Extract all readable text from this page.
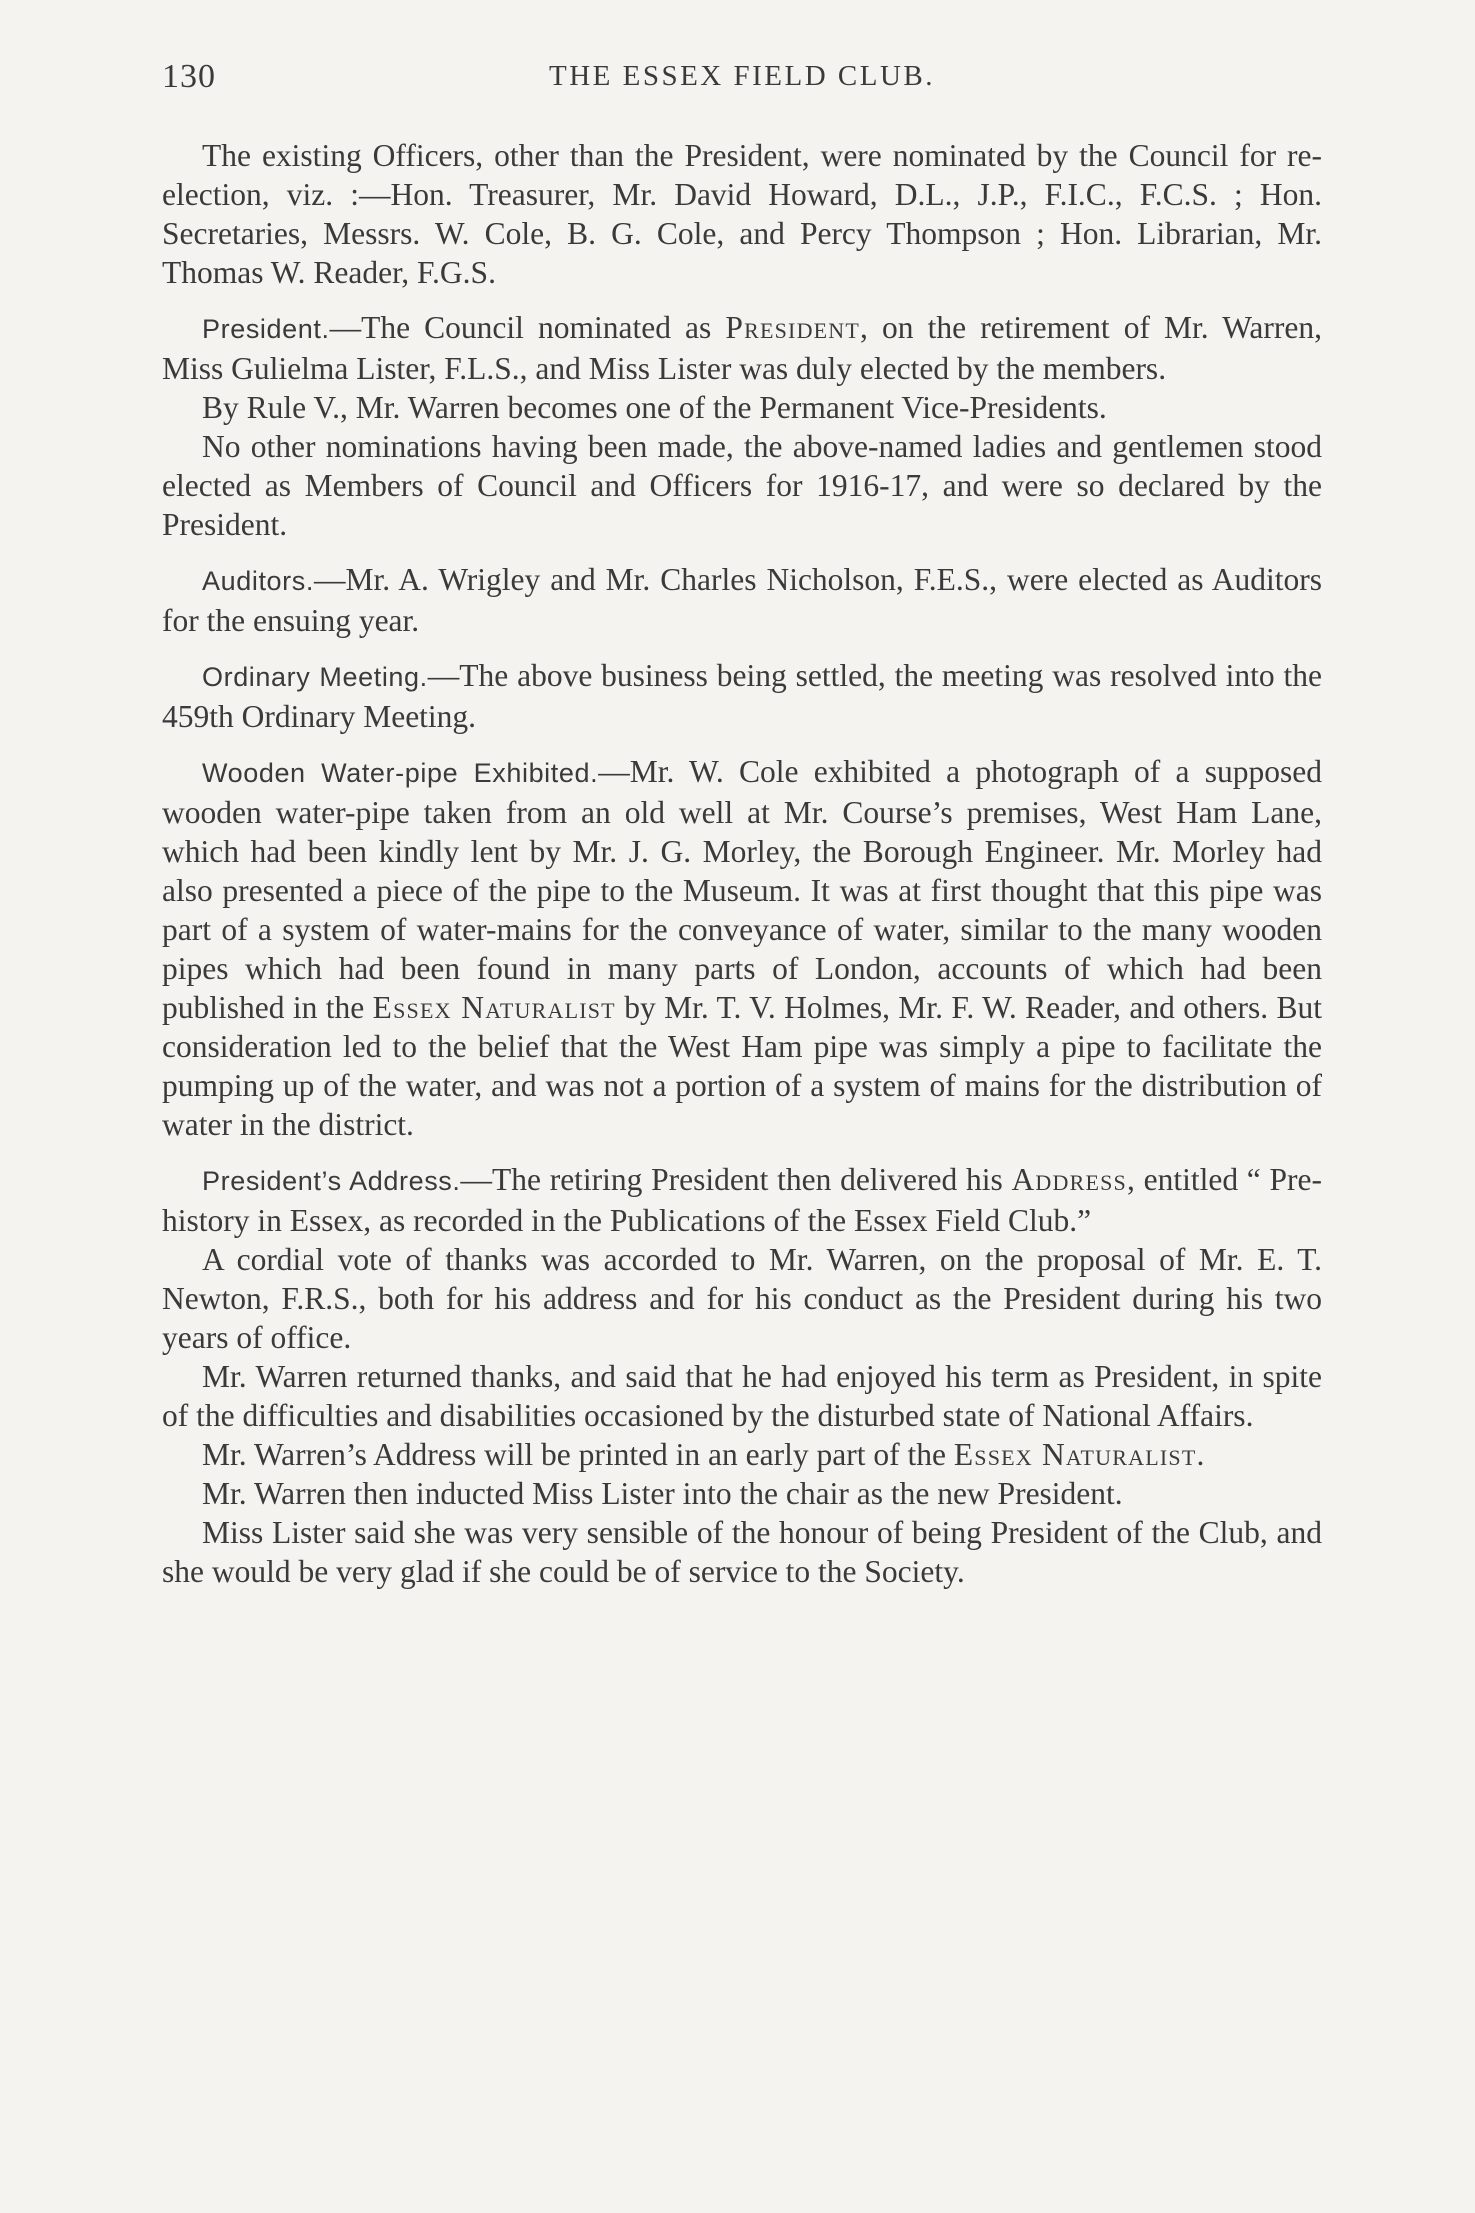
130	THE ESSEX FIELD CLUB.

The existing Officers, other than the President, were nominated by the Council for re-election, viz. :—Hon. Treasurer, Mr. David Howard, D.L., J.P., F.I.C., F.C.S. ; Hon. Secretaries, Messrs. W. Cole, B. G. Cole, and Percy Thompson ; Hon. Librarian, Mr. Thomas W. Reader, F.G.S.

President.—The Council nominated as President, on the retirement of Mr. Warren, Miss Gulielma Lister, F.L.S., and Miss Lister was duly elected by the members.

By Rule V., Mr. Warren becomes one of the Permanent Vice-Presidents.

No other nominations having been made, the above-named ladies and gentlemen stood elected as Members of Council and Officers for 1916-17, and were so declared by the President.

Auditors.—Mr. A. Wrigley and Mr. Charles Nicholson, F.E.S., were elected as Auditors for the ensuing year.

Ordinary Meeting.—The above business being settled, the meeting was resolved into the 459th Ordinary Meeting.

Wooden Water-pipe Exhibited.—Mr. W. Cole exhibited a photograph of a supposed wooden water-pipe taken from an old well at Mr. Course’s premises, West Ham Lane, which had been kindly lent by Mr. J. G. Morley, the Borough Engineer. Mr. Morley had also presented a piece of the pipe to the Museum. It was at first thought that this pipe was part of a system of water-mains for the conveyance of water, similar to the many wooden pipes which had been found in many parts of London, accounts of which had been published in the Essex Naturalist by Mr. T. V. Holmes, Mr. F. W. Reader, and others. But consideration led to the belief that the West Ham pipe was simply a pipe to facilitate the pumping up of the water, and was not a portion of a system of mains for the distribution of water in the district.

President’s Address.—The retiring President then delivered his Address, entitled “ Pre-history in Essex, as recorded in the Publications of the Essex Field Club.”

A cordial vote of thanks was accorded to Mr. Warren, on the proposal of Mr. E. T. Newton, F.R.S., both for his address and for his conduct as the President during his two years of office.

Mr. Warren returned thanks, and said that he had enjoyed his term as President, in spite of the difficulties and disabilities occasioned by the disturbed state of National Affairs.

Mr. Warren’s Address will be printed in an early part of the Essex Naturalist.

Mr. Warren then inducted Miss Lister into the chair as the new President.

Miss Lister said she was very sensible of the honour of being President of the Club, and she would be very glad if she could be of service to the Society.
